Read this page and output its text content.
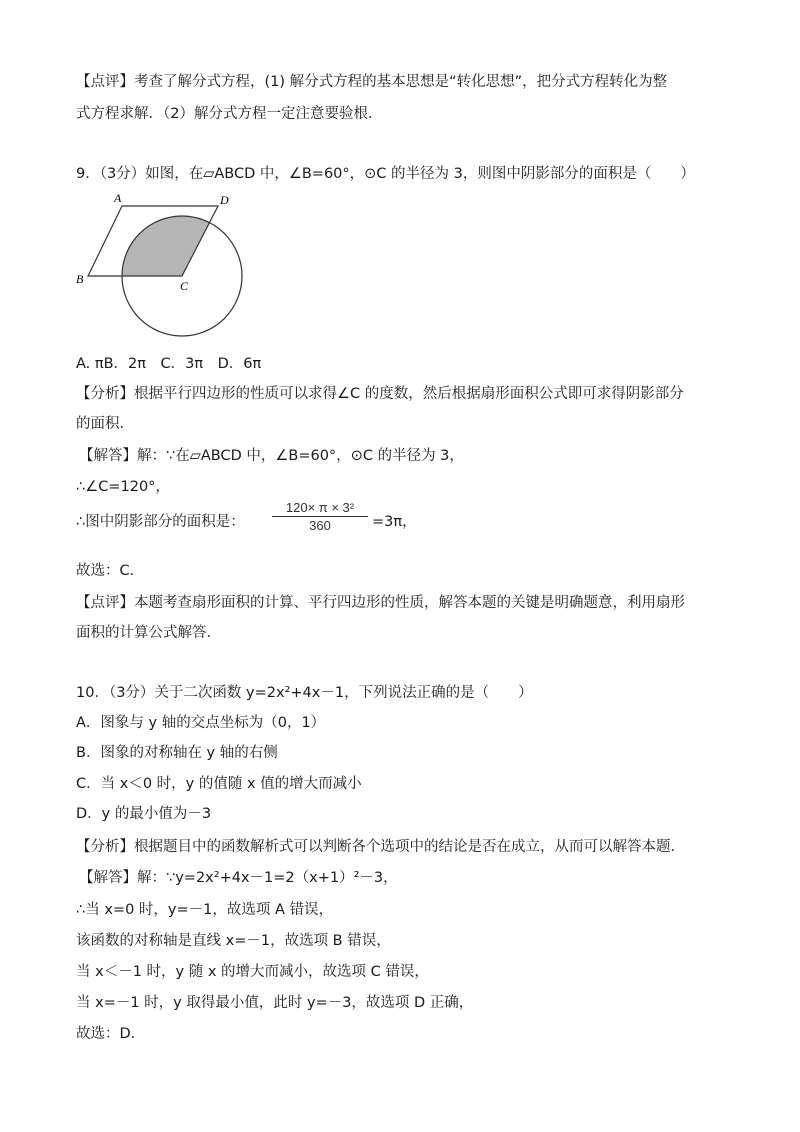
【点评】考查了解分式方程，(1) 解分式方程的基本思想是“转化思想”，把分式方程转化为整

式方程求解．（2）解分式方程一定注意要验根．

9．（3分）如图，在▱ABCD 中，∠B=60°，⊙C 的半径为 3，则图中阴影部分的面积是（　　）

A	D
B	C

A. πB．2π　C．3π　D．6π

【分析】根据平行四边形的性质可以求得∠C 的度数，然后根据扇形面积公式即可求得阴影部分

的面积．

【解答】解：∵在▱ABCD 中，∠B=60°，⊙C 的半径为 3，

∴∠C=120°，

∴图中阴影部分的面积是： $\frac{\text{120× π × 3²}}{360} =3\pi$，

故选：C．

【点评】本题考查扇形面积的计算、平行四边形的性质，解答本题的关键是明确题意，利用扇形

面积的计算公式解答．

10．（3分）关于二次函数 y=2x²+4x－1，下列说法正确的是（　　）

A．图象与 y 轴的交点坐标为（0，1）

B．图象的对称轴在 y 轴的右侧

C．当 x＜0 时，y 的值随 x 值的增大而减小

D．y 的最小值为－3

【分析】根据题目中的函数解析式可以判断各个选项中的结论是否在成立，从而可以解答本题．

【解答】解：∵y=2x²+4x－1=2（x+1）²－3，

∴当 x=0 时，y=－1，故选项 A 错误，

该函数的对称轴是直线 x=－1，故选项 B 错误，

当 x＜－1 时，y 随 x 的增大而减小，故选项 C 错误，

当 x=－1 时，y 取得最小值，此时 y=－3，故选项 D 正确，

故选：D．
